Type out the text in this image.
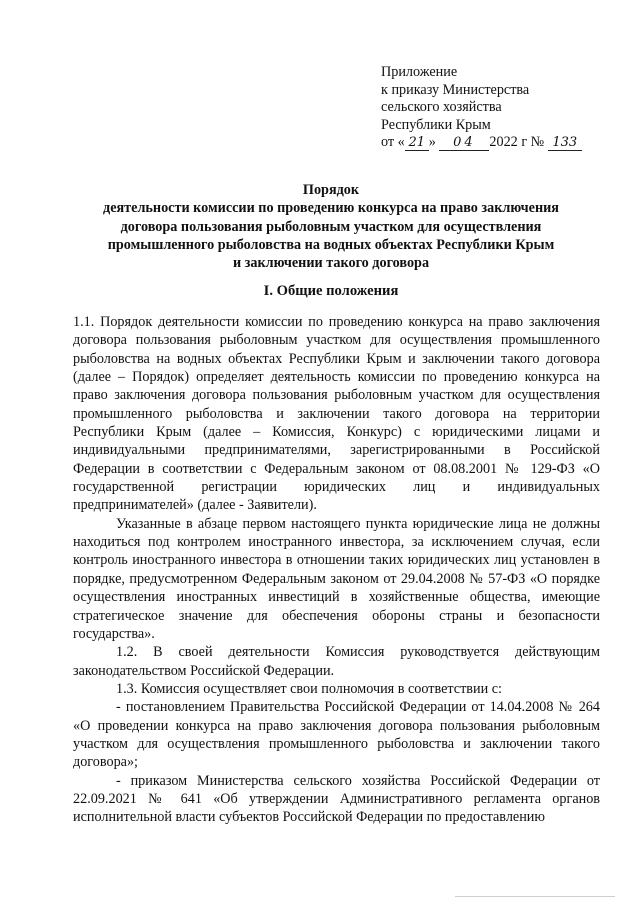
Приложение
к приказу Министерства
сельского хозяйства
Республики Крым
от « 21 » 04 2022 г № 133
Порядок
деятельности комиссии по проведению конкурса на право заключения
договора пользования рыболовным участком для осуществления
промышленного рыболовства на водных объектах Республики Крым
и заключении такого договора
I. Общие положения

1.1. Порядок деятельности комиссии по проведению конкурса на право заключения договора пользования рыболовным участком для осуществления промышленного рыболовства на водных объектах Республики Крым и заключении такого договора (далее – Порядок) определяет деятельность комиссии по проведению конкурса на право заключения договора пользования рыболовным участком для осуществления промышленного рыболовства и заключении такого договора на территории Республики Крым (далее – Комиссия, Конкурс) с юридическими лицами и индивидуальными предпринимателями, зарегистрированными в Российской Федерации в соответствии с Федеральным законом от 08.08.2001 № 129-ФЗ «О государственной регистрации юридических лиц и индивидуальных предпринимателей» (далее - Заявители).

Указанные в абзаце первом настоящего пункта юридические лица не должны находиться под контролем иностранного инвестора, за исключением случая, если контроль иностранного инвестора в отношении таких юридических лиц установлен в порядке, предусмотренном Федеральным законом от 29.04.2008 № 57-ФЗ «О порядке осуществления иностранных инвестиций в хозяйственные общества, имеющие стратегическое значение для обеспечения обороны страны и безопасности государства».

1.2. В своей деятельности Комиссия руководствуется действующим законодательством Российской Федерации.

1.3. Комиссия осуществляет свои полномочия в соответствии с:

- постановлением Правительства Российской Федерации от 14.04.2008 № 264 «О проведении конкурса на право заключения договора пользования рыболовным участком для осуществления промышленного рыболовства и заключении такого договора»;

- приказом Министерства сельского хозяйства Российской Федерации от 22.09.2021 № 641 «Об утверждении Административного регламента органов исполнительной власти субъектов Российской Федерации по предоставлению
